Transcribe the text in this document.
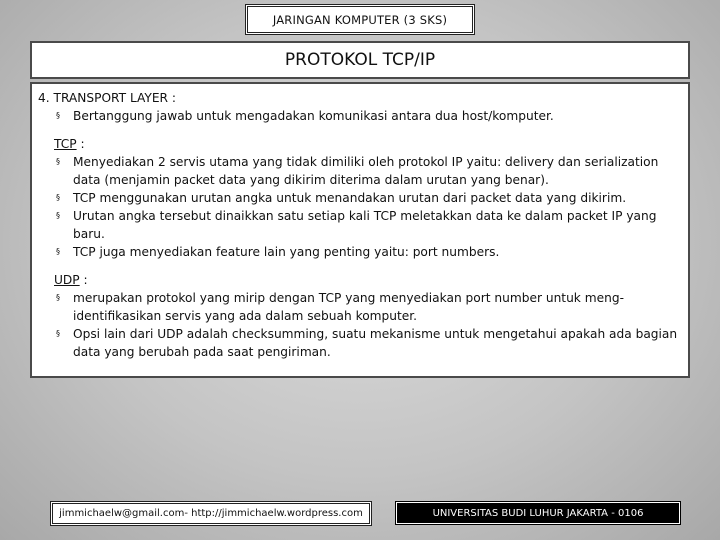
JARINGAN KOMPUTER (3 SKS)
PROTOKOL TCP/IP
4. TRANSPORT LAYER :
§ Bertanggung jawab untuk mengadakan komunikasi antara dua host/komputer.
TCP :
§ Menyediakan 2 servis utama yang tidak dimiliki oleh protokol IP yaitu: delivery dan serialization data (menjamin packet data yang dikirim diterima dalam urutan yang benar).
§ TCP menggunakan urutan angka untuk menandakan urutan dari packet data yang dikirim.
§ Urutan angka tersebut dinaikkan satu setiap kali TCP meletakkan data ke dalam packet IP yang baru.
§ TCP juga menyediakan feature lain yang penting yaitu: port numbers.
UDP :
§ merupakan protokol yang mirip dengan TCP yang menyediakan port number untuk meng-identifikasikan servis yang ada dalam sebuah komputer.
§ Opsi lain dari UDP adalah checksumming, suatu mekanisme untuk mengetahui apakah ada bagian data yang berubah pada saat pengiriman.
jimmichaelw@gmail.com- http://jimmichaelw.wordpress.com	UNIVERSITAS BUDI LUHUR JAKARTA - 0106
